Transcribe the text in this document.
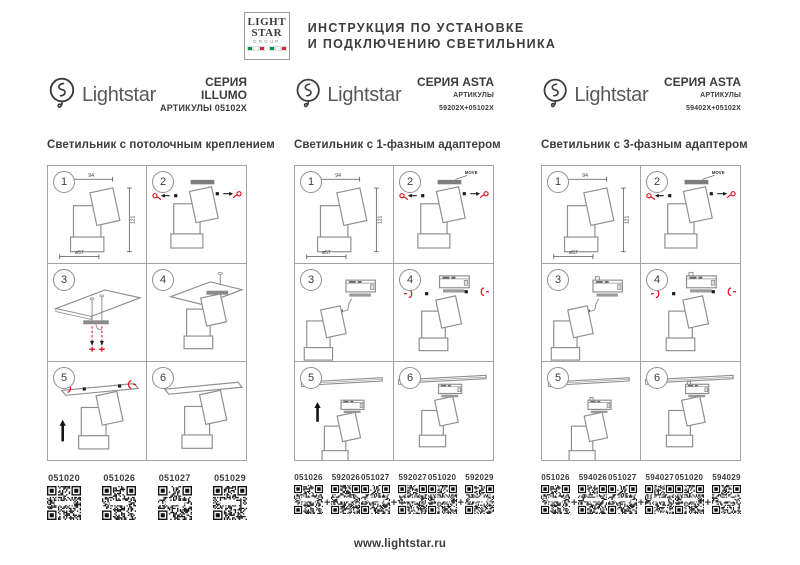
LIGHT
STAR
GROUP
ИНСТРУКЦИЯ ПО УСТАНОВКЕ
И ПОДКЛЮЧЕНИЮ СВЕТИЛЬНИКА
Lightstar
СЕРИЯ ILLUMO
АРТИКУЛЫ 05102X
Светильник с потолочным креплением
1
94
121
ø57
2
3	4
5	6
051020	051026	051027	051029
Lightstar
СЕРИЯ ASTA
АРТИКУЛЫ 59202X+05102X
Светильник с 1-фазным адаптером
1
94
121
ø57
2
MOVE
3	4
5	6
051026
+
592026 051027
+
592027 051020
+
592029
Lightstar
СЕРИЯ ASTA
АРТИКУЛЫ 59402X+05102X
Светильник с 3-фазным адаптером
1
94
121
ø57
2
MOVE
3	4
5	6
051026
+
594026 051027
+
594027 051020
+
594029
www.lightstar.ru
